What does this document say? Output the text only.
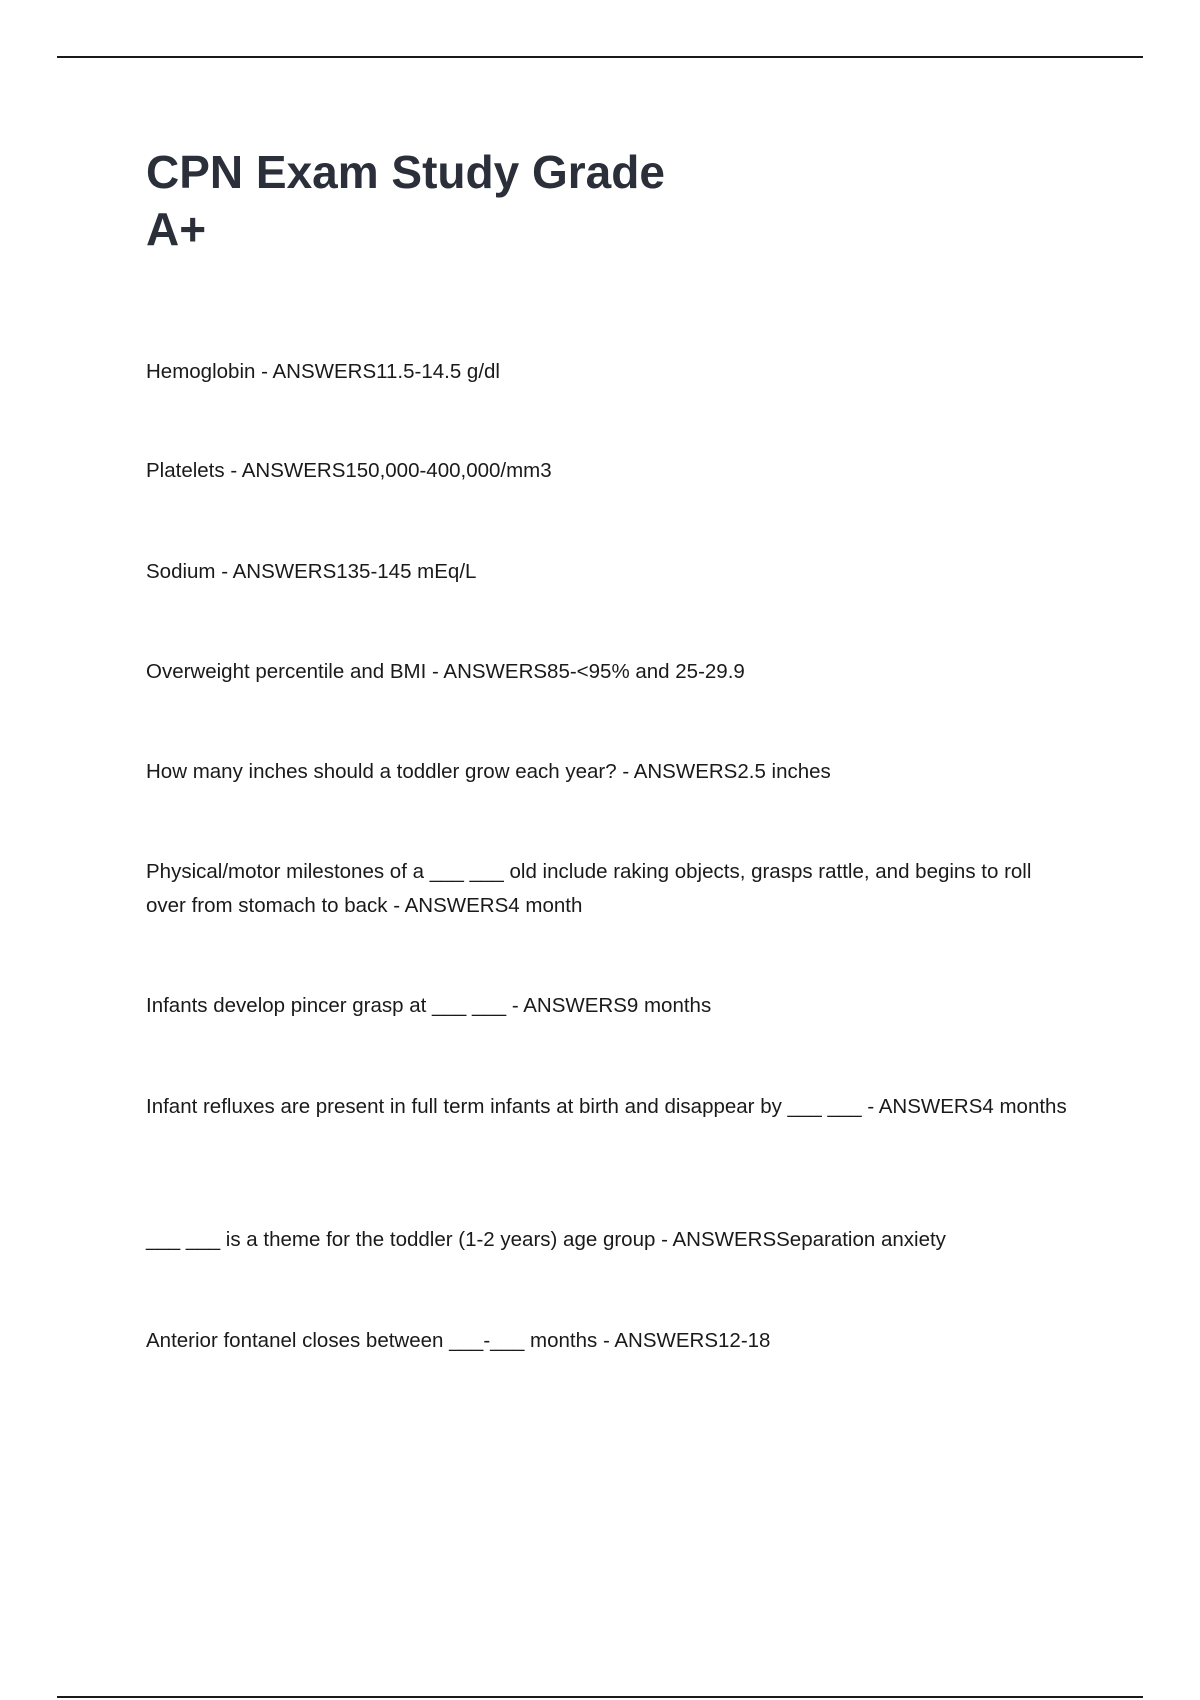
CPN Exam Study Grade A+

Hemoglobin - ANSWERS11.5-14.5 g/dl

Platelets - ANSWERS150,000-400,000/mm3

Sodium - ANSWERS135-145 mEq/L

Overweight percentile and BMI - ANSWERS85-<95% and 25-29.9

How many inches should a toddler grow each year? - ANSWERS2.5 inches

Physical/motor milestones of a ___ ___ old include raking objects, grasps rattle, and begins to roll over from stomach to back - ANSWERS4 month

Infants develop pincer grasp at ___ ___ - ANSWERS9 months

Infant refluxes are present in full term infants at birth and disappear by ___ ___ - ANSWERS4 months

___ ___ is a theme for the toddler (1-2 years) age group - ANSWERSSeparation anxiety

Anterior fontanel closes between ___-___ months - ANSWERS12-18
